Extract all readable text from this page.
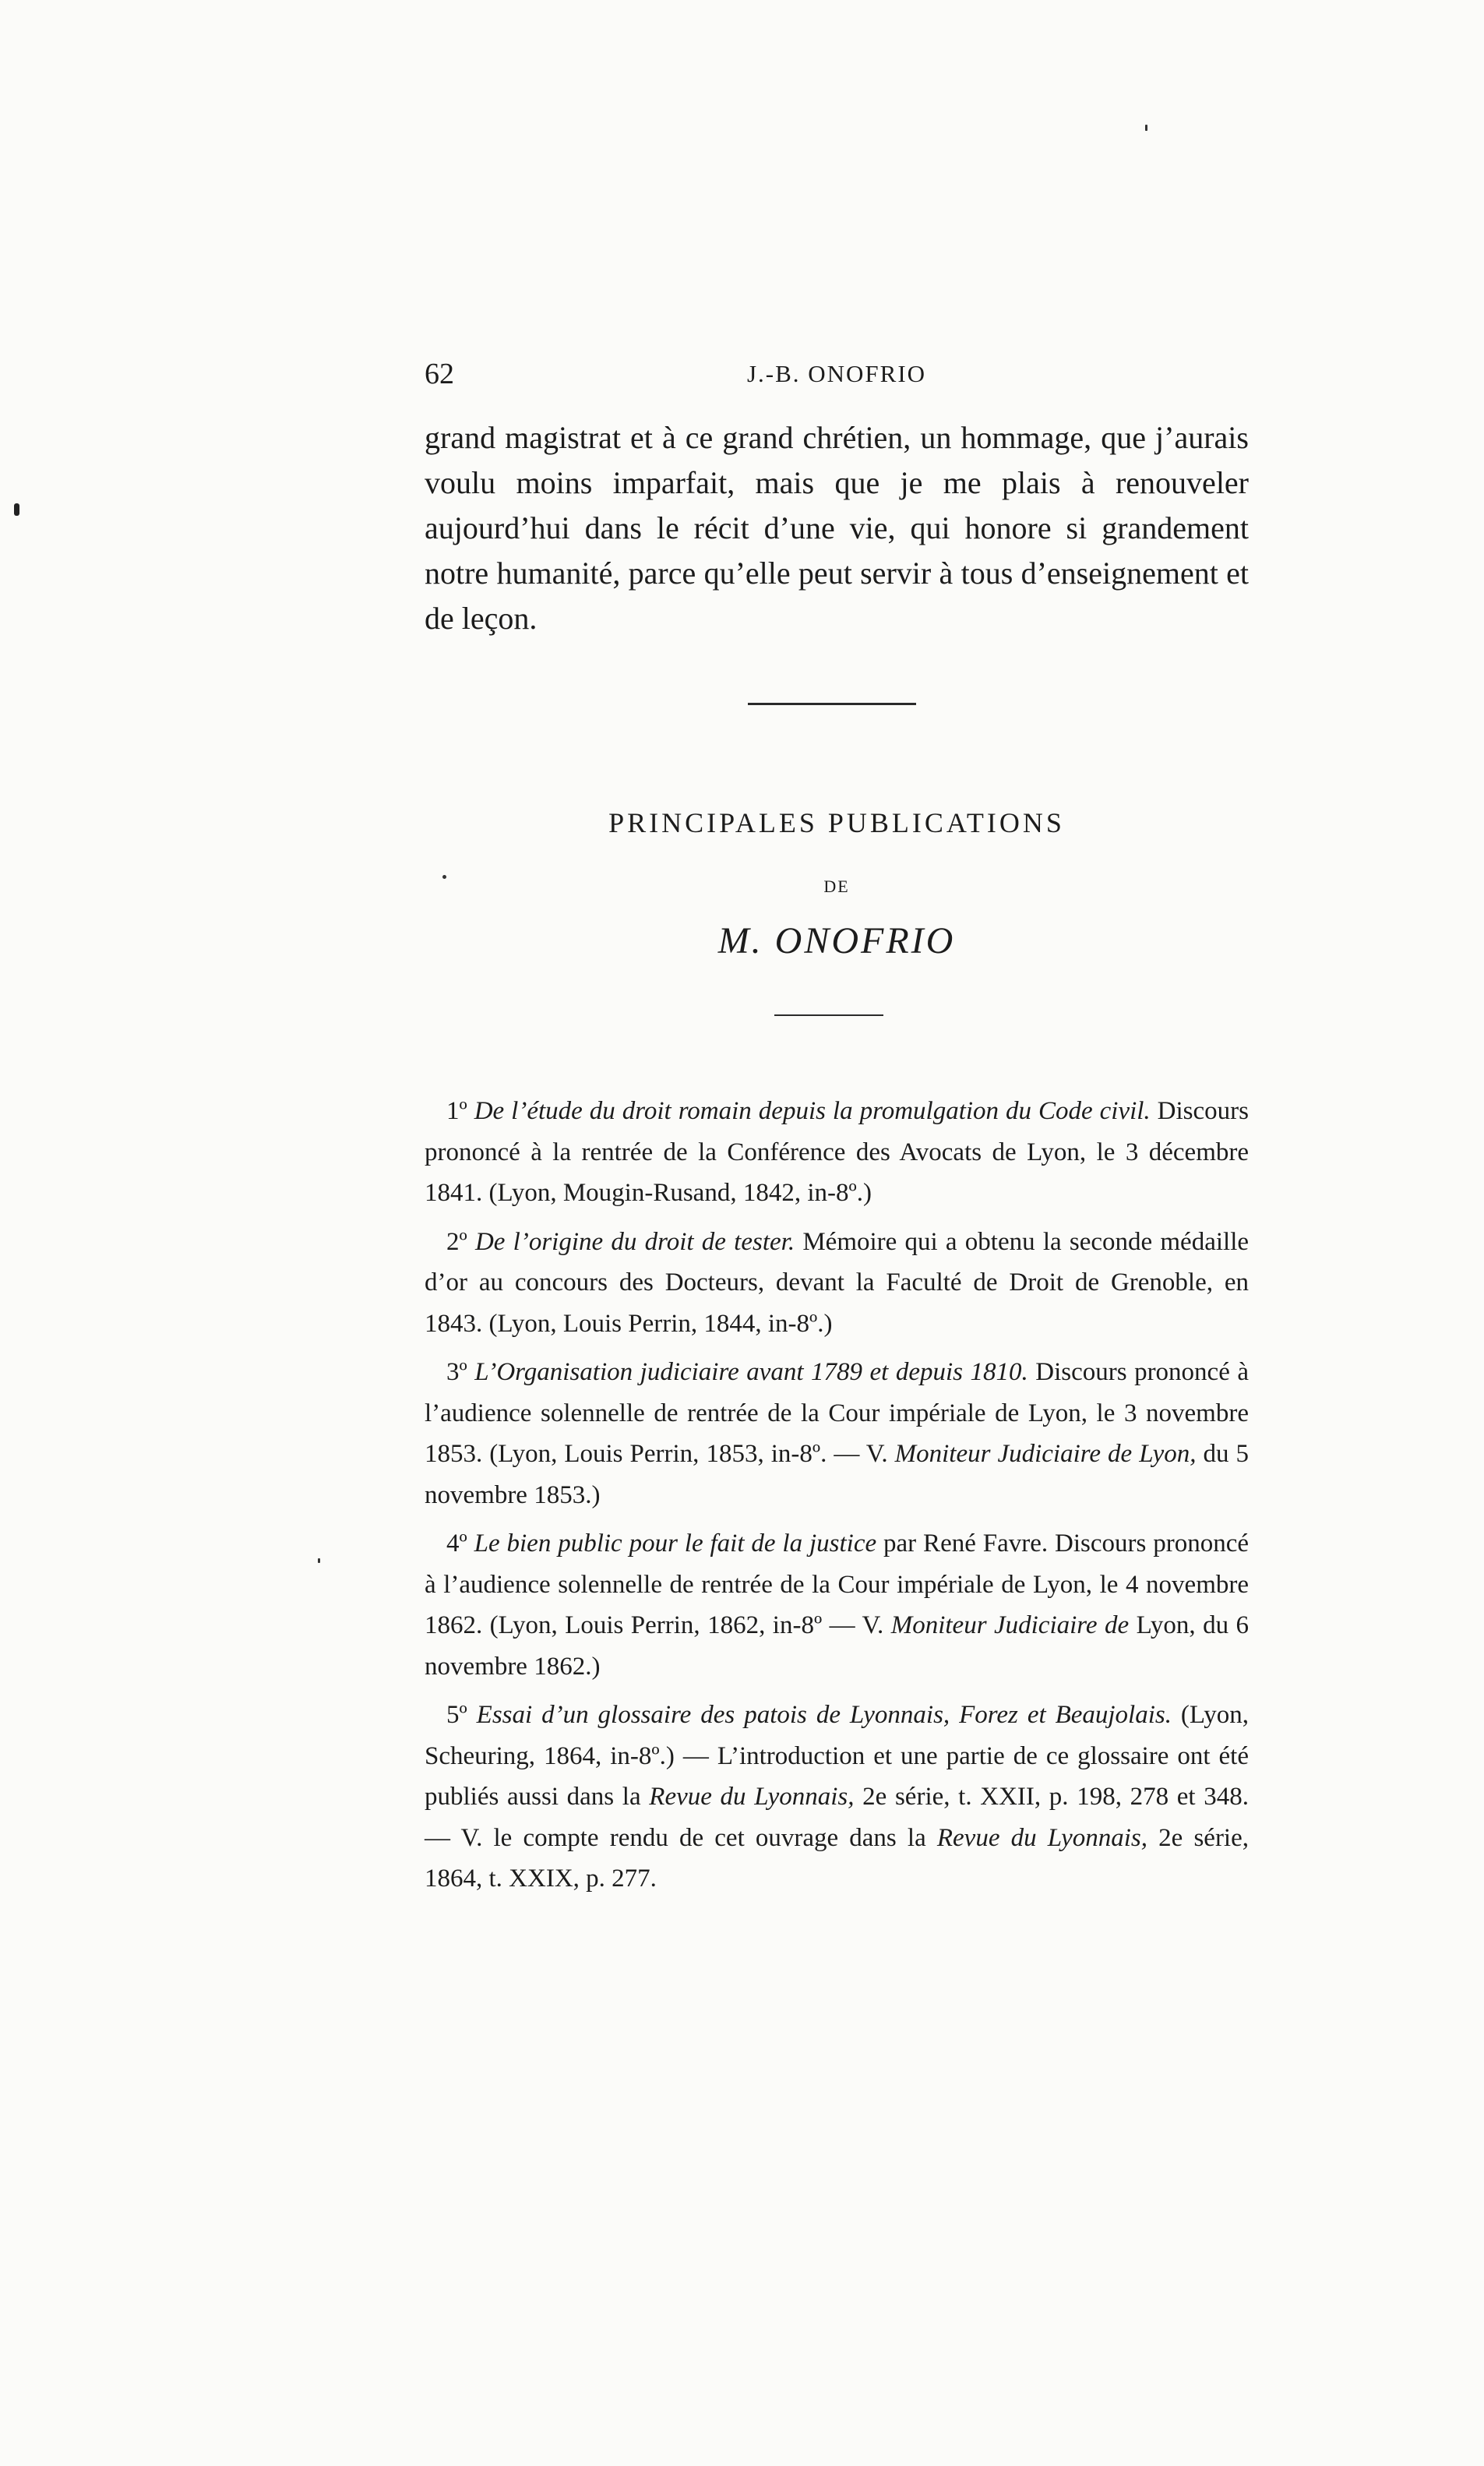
62	J.-B. ONOFRIO

grand magistrat et à ce grand chrétien, un hommage, que j’aurais voulu moins imparfait, mais que je me plais à renouveler aujourd’hui dans le récit d’une vie, qui honore si grandement notre humanité, parce qu’elle peut servir à tous d’enseignement et de leçon.

PRINCIPALES PUBLICATIONS
DE
M. ONOFRIO

1º De l’étude du droit romain depuis la promulgation du Code civil. Discours prononcé à la rentrée de la Conférence des Avocats de Lyon, le 3 décembre 1841. (Lyon, Mougin-Rusand, 1842, in-8º.)

2º De l’origine du droit de tester. Mémoire qui a obtenu la seconde médaille d’or au concours des Docteurs, devant la Faculté de Droit de Grenoble, en 1843. (Lyon, Louis Perrin, 1844, in-8º.)

3º L’Organisation judiciaire avant 1789 et depuis 1810. Discours prononcé à l’audience solennelle de rentrée de la Cour impériale de Lyon, le 3 novembre 1853. (Lyon, Louis Perrin, 1853, in-8º. — V. Moniteur Judiciaire de Lyon, du 5 novembre 1853.)

4º Le bien public pour le fait de la justice par René Favre. Discours prononcé à l’audience solennelle de rentrée de la Cour impériale de Lyon, le 4 novembre 1862. (Lyon, Louis Perrin, 1862, in-8º — V. Moniteur Judiciaire de Lyon, du 6 novembre 1862.)

5º Essai d’un glossaire des patois de Lyonnais, Forez et Beaujolais. (Lyon, Scheuring, 1864, in-8º.) — L’introduction et une partie de ce glossaire ont été publiés aussi dans la Revue du Lyonnais, 2e série, t. XXII, p. 198, 278 et 348. — V. le compte rendu de cet ouvrage dans la Revue du Lyonnais, 2e série, 1864, t. XXIX, p. 277.
